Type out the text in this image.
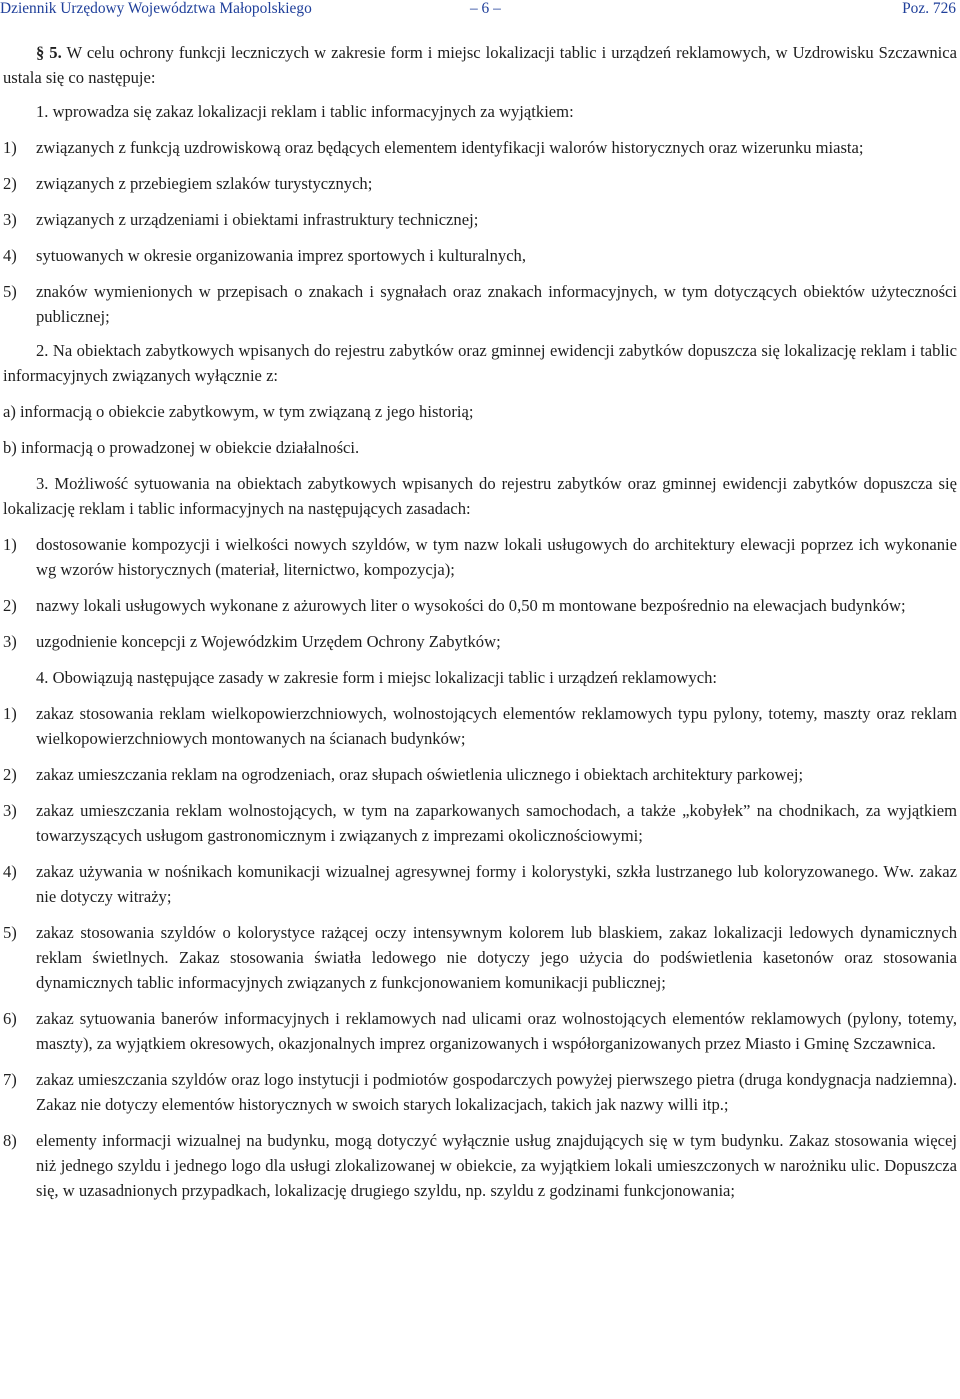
Dziennik Urzędowy Województwa Małopolskiego	– 6 –	Poz. 726

§ 5. W celu ochrony funkcji leczniczych w zakresie form i miejsc lokalizacji tablic i urządzeń reklamowych, w Uzdrowisku Szczawnica ustala się co następuje:

1. wprowadza się zakaz lokalizacji reklam i tablic informacyjnych za wyjątkiem:

1) związanych z funkcją uzdrowiskową oraz będących elementem identyfikacji walorów historycznych oraz wizerunku miasta;

2) związanych z przebiegiem szlaków turystycznych;

3) związanych z urządzeniami i obiektami infrastruktury technicznej;

4) sytuowanych w okresie organizowania imprez sportowych i kulturalnych,

5) znaków wymienionych w przepisach o znakach i sygnałach oraz znakach informacyjnych, w tym dotyczących obiektów użyteczności publicznej;

2. Na obiektach zabytkowych wpisanych do rejestru zabytków oraz gminnej ewidencji zabytków dopuszcza się lokalizację reklam i tablic informacyjnych związanych wyłącznie z:

a) informacją o obiekcie zabytkowym, w tym związaną z jego historią;

b) informacją o prowadzonej w obiekcie działalności.

3. Możliwość sytuowania na obiektach zabytkowych wpisanych do rejestru zabytków oraz gminnej ewidencji zabytków dopuszcza się lokalizację reklam i tablic informacyjnych na następujących zasadach:

1) dostosowanie kompozycji i wielkości nowych szyldów, w tym nazw lokali usługowych do architektury elewacji poprzez ich wykonanie wg wzorów historycznych (materiał, liternictwo, kompozycja);

2) nazwy lokali usługowych wykonane z ażurowych liter o wysokości do 0,50 m montowane bezpośrednio na elewacjach budynków;

3) uzgodnienie koncepcji z Wojewódzkim Urzędem Ochrony Zabytków;

4. Obowiązują następujące zasady w zakresie form i miejsc lokalizacji tablic i urządzeń reklamowych:

1) zakaz stosowania reklam wielkopowierzchniowych, wolnostojących elementów reklamowych typu pylony, totemy, maszty oraz reklam wielkopowierzchniowych montowanych na ścianach budynków;

2) zakaz umieszczania reklam na ogrodzeniach, oraz słupach oświetlenia ulicznego i obiektach architektury parkowej;

3) zakaz umieszczania reklam wolnostojących, w tym na zaparkowanych samochodach, a także „kobyłek” na chodnikach, za wyjątkiem towarzyszących usługom gastronomicznym i związanych z imprezami okolicznościowymi;

4) zakaz używania w nośnikach komunikacji wizualnej agresywnej formy i kolorystyki, szkła lustrzanego lub koloryzowanego. Ww. zakaz nie dotyczy witraży;

5) zakaz stosowania szyldów o kolorystyce rażącej oczy intensywnym kolorem lub blaskiem, zakaz lokalizacji ledowych dynamicznych reklam świetlnych. Zakaz stosowania światła ledowego nie dotyczy jego użycia do podświetlenia kasetonów oraz stosowania dynamicznych tablic informacyjnych związanych z funkcjonowaniem komunikacji publicznej;

6) zakaz sytuowania banerów informacyjnych i reklamowych nad ulicami oraz wolnostojących elementów reklamowych (pylony, totemy, maszty), za wyjątkiem okresowych, okazjonalnych imprez organizowanych i współorganizowanych przez Miasto i Gminę Szczawnica.

7) zakaz umieszczania szyldów oraz logo instytucji i podmiotów gospodarczych powyżej pierwszego pietra (druga kondygnacja nadziemna). Zakaz nie dotyczy elementów historycznych w swoich starych lokalizacjach, takich jak nazwy willi itp.;

8) elementy informacji wizualnej na budynku, mogą dotyczyć wyłącznie usług znajdujących się w tym budynku. Zakaz stosowania więcej niż jednego szyldu i jednego logo dla usługi zlokalizowanej w obiekcie, za wyjątkiem lokali umieszczonych w narożniku ulic. Dopuszcza się, w uzasadnionych przypadkach, lokalizację drugiego szyldu, np. szyldu z godzinami funkcjonowania;
